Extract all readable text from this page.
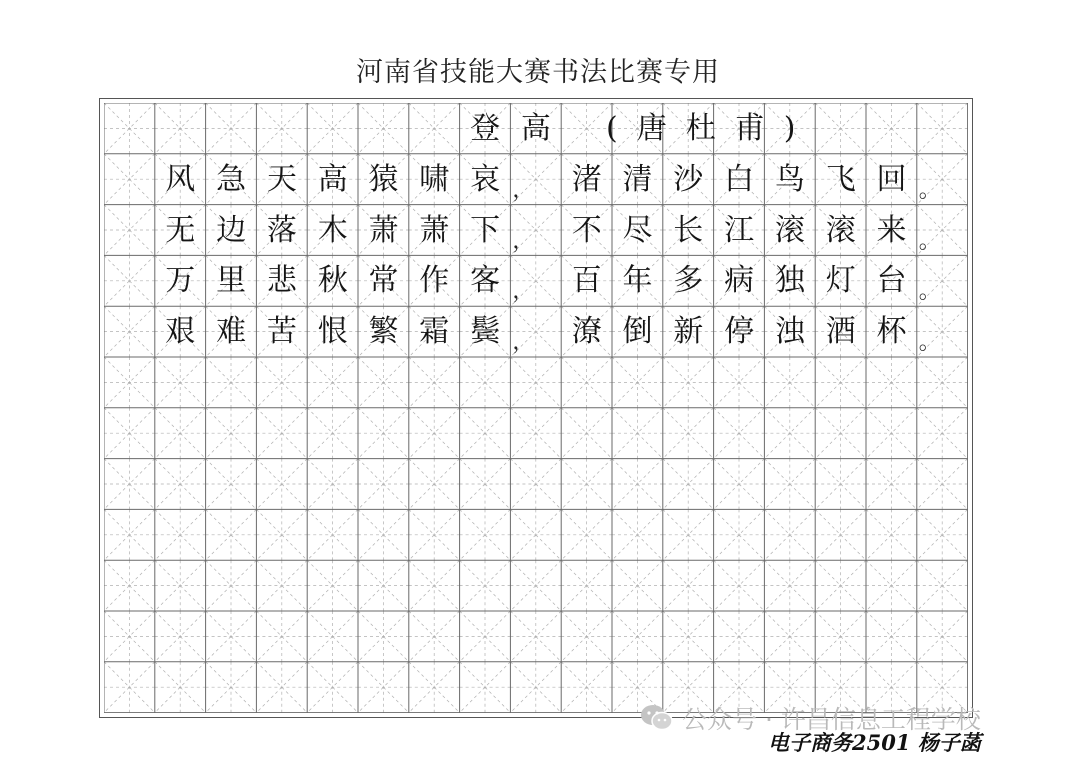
河南省技能大赛书法比赛专用
登 高	(唐杜甫)
风 急 天 高 猿 啸 哀 ，	渚 清 沙 白 鸟 飞 回 。
无 边 落 木 萧 萧 下 ，	不 尽 长 江 滚 滚 来 。
万 里 悲 秋 常 作 客 ，	百 年 多 病 独 灯 台 。
艰 难 苦 恨 繁 霜 鬓 ，	潦 倒 新 停 浊 酒 杯 。
公众号 · 许昌信息工程学校
电子商务2501 杨子菡
